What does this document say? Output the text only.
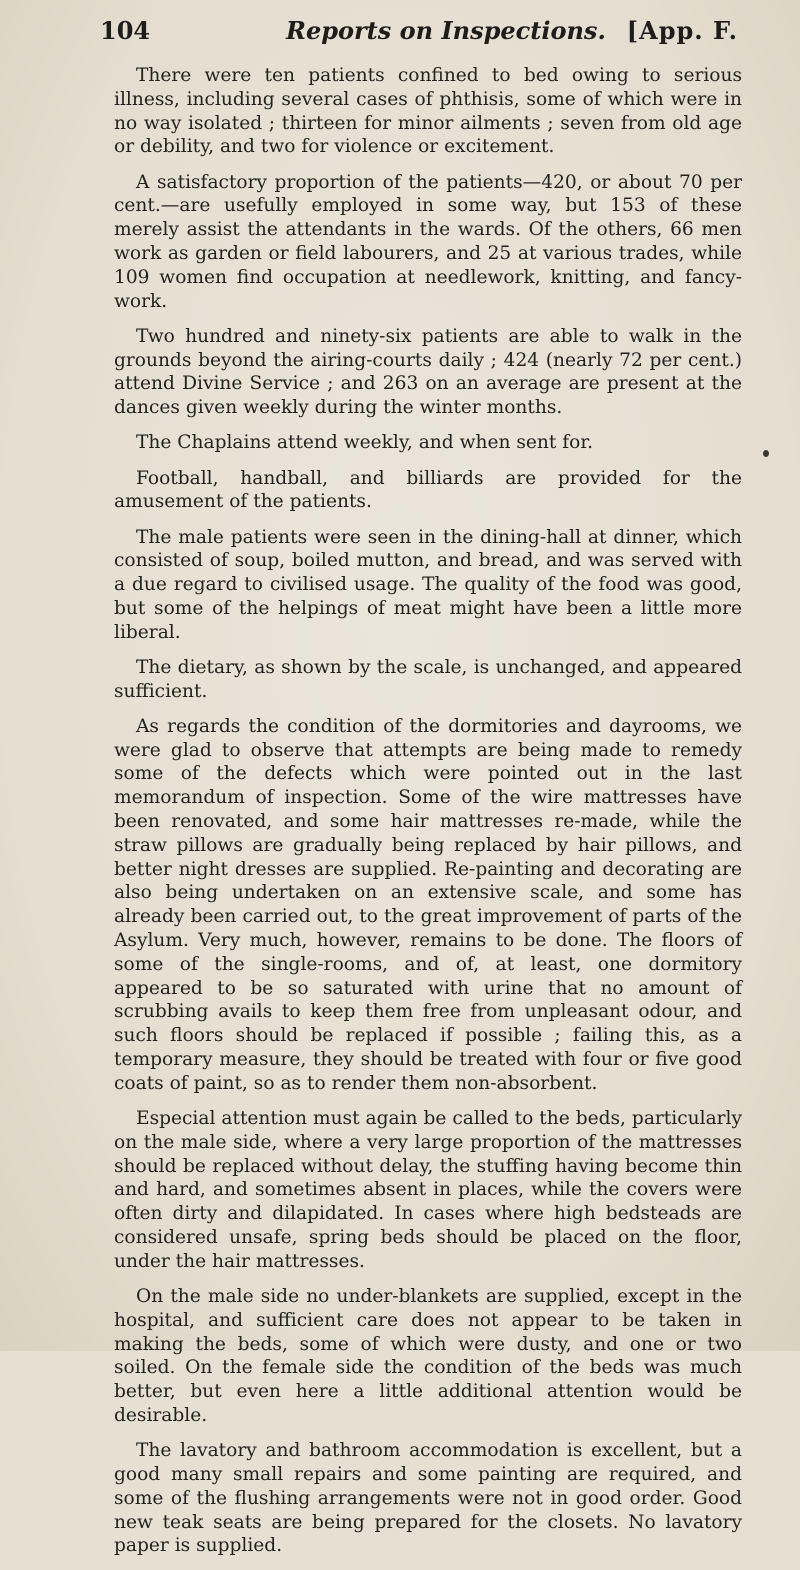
104	Reports on Inspections. [App. F.

There were ten patients confined to bed owing to serious illness, including several cases of phthisis, some of which were in no way isolated ; thirteen for minor ailments ; seven from old age or debility, and two for violence or excitement.

A satisfactory proportion of the patients—420, or about 70 per cent.—are usefully employed in some way, but 153 of these merely assist the attendants in the wards. Of the others, 66 men work as garden or field labourers, and 25 at various trades, while 109 women find occupation at needlework, knitting, and fancy-work.

Two hundred and ninety-six patients are able to walk in the grounds beyond the airing-courts daily ; 424 (nearly 72 per cent.) attend Divine Service ; and 263 on an average are present at the dances given weekly during the winter months.

The Chaplains attend weekly, and when sent for.

Football, handball, and billiards are provided for the amusement of the patients.

The male patients were seen in the dining-hall at dinner, which consisted of soup, boiled mutton, and bread, and was served with a due regard to civilised usage. The quality of the food was good, but some of the helpings of meat might have been a little more liberal.

The dietary, as shown by the scale, is unchanged, and appeared sufficient.

As regards the condition of the dormitories and dayrooms, we were glad to observe that attempts are being made to remedy some of the defects which were pointed out in the last memorandum of inspection. Some of the wire mattresses have been renovated, and some hair mattresses re-made, while the straw pillows are gradually being replaced by hair pillows, and better night dresses are supplied. Re-painting and decorating are also being undertaken on an extensive scale, and some has already been carried out, to the great improvement of parts of the Asylum. Very much, however, remains to be done. The floors of some of the single-rooms, and of, at least, one dormitory appeared to be so saturated with urine that no amount of scrubbing avails to keep them free from unpleasant odour, and such floors should be replaced if possible ; failing this, as a temporary measure, they should be treated with four or five good coats of paint, so as to render them non-absorbent.

Especial attention must again be called to the beds, particularly on the male side, where a very large proportion of the mattresses should be replaced without delay, the stuffing having become thin and hard, and sometimes absent in places, while the covers were often dirty and dilapidated. In cases where high bedsteads are considered unsafe, spring beds should be placed on the floor, under the hair mattresses.

On the male side no under-blankets are supplied, except in the hospital, and sufficient care does not appear to be taken in making the beds, some of which were dusty, and one or two soiled. On the female side the condition of the beds was much better, but even here a little additional attention would be desirable.

The lavatory and bathroom accommodation is excellent, but a good many small repairs and some painting are required, and some of the flushing arrangements were not in good order. Good new teak seats are being prepared for the closets. No lavatory paper is supplied.
